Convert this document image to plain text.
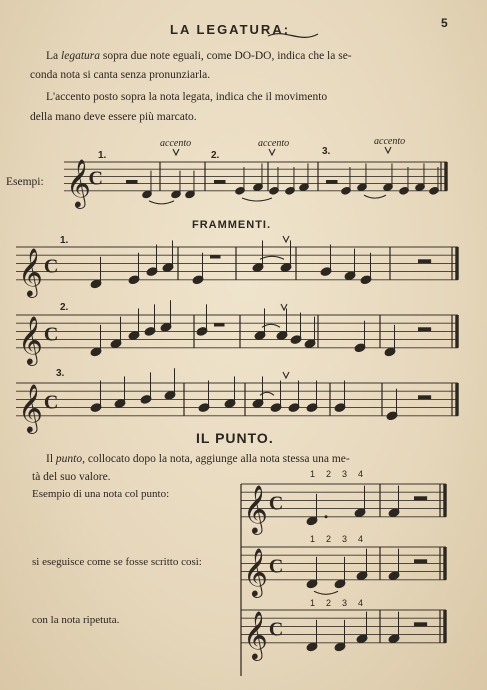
5
LA LEGATURA:
La legatura sopra due note eguali, come DO-DO, indica che la se-
conda nota si canta senza pronunziarla.
L'accento posto sopra la nota legata, indica che il movimento
della mano deve essere più marcato.
Esempi:
FRAMMENTI.
IL PUNTO.
Il punto, collocato dopo la nota, aggiunge alla nota stessa una me-
tà del suo valore.
Esempio di una nota col punto:
si eseguisce come se fosse scritto così:
con la nota ripetuta.
1.	2.	3.
accento	accento	accento
1.
2.
3.
1 2 3 4
1 2 3 4
1 2 3 4
𝄞
C
𝄞 C
𝄞 C
𝄞 C
𝄞 C
𝄞 C
𝄞 C
